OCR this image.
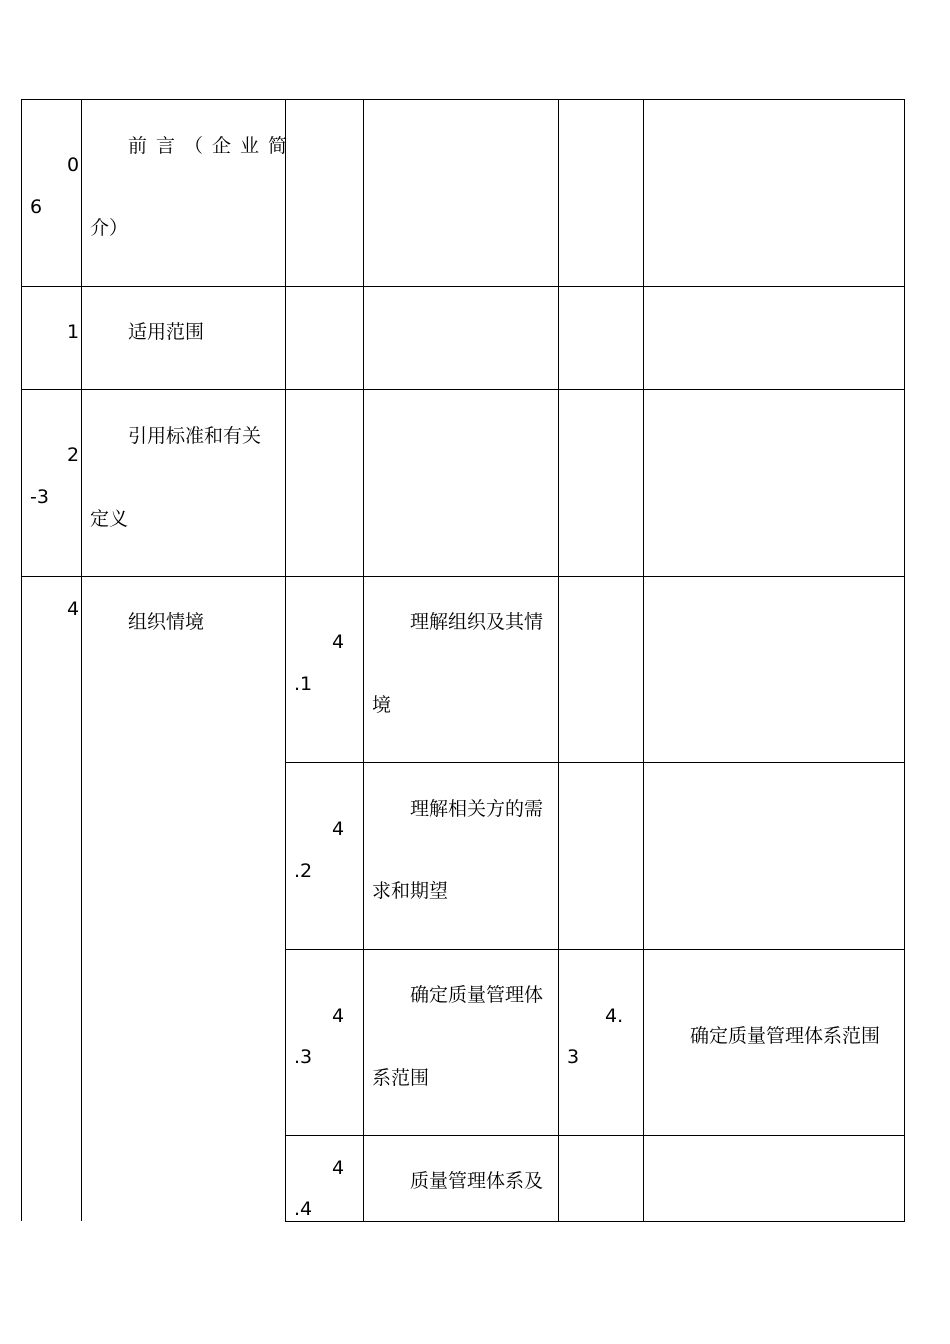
0
6
前言（企业简
介）
1	适用范围
2
-3
引用标准和有关
定义
4
组织情境
4
.1
理解组织及其情
境
4
.2
理解相关方的需
求和期望
4
.3
确定质量管理体
系范围
4.
3
确定质量管理体系范围
4
.4
质量管理体系及
